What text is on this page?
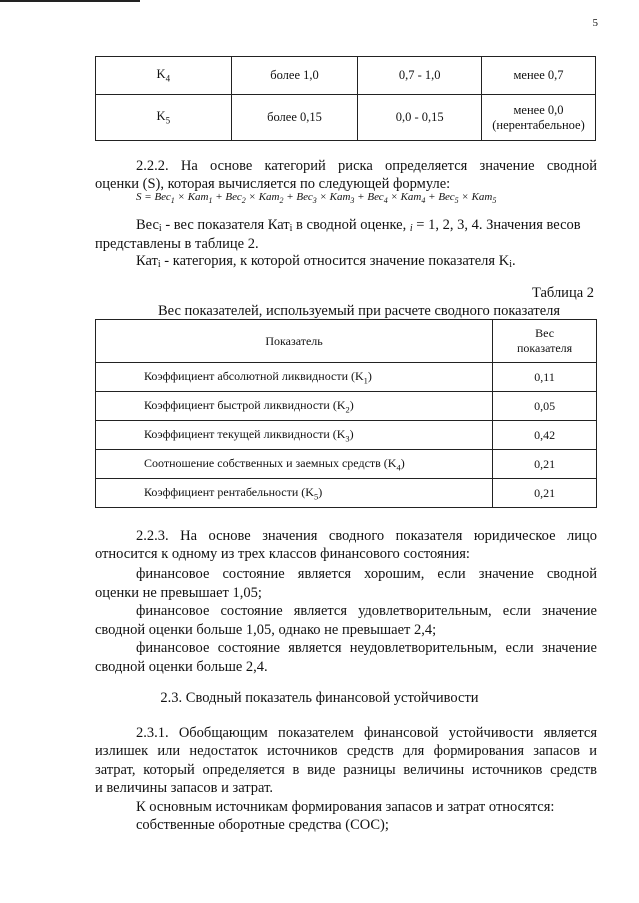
5
$K_4$	более 1,0	0,7 - 1,0	менее 0,7
$K_5$	более 0,15	0,0 - 0,15	менее 0,0
(нерентабельное)
2.2.2. На основе категорий риска определяется значение сводной
оценки (S), которая вычисляется по следующей формуле:
S = Вес$_1$ × Кат$_1$ + Вес$_2$ × Кат$_2$ + Вес$_3$ × Кат$_3$ + Вес$_4$ × Кат$_4$ + Вес$_5$ × Кат$_5$
Весi - вес показателя Катi в сводной оценке, i = 1, 2, 3, 4. Значения весов
представлены в таблице 2.
Катi - категория, к которой относится значение показателя Ki.
Таблица 2
Вес показателей, используемый при расчете сводного показателя
Показатель	Вес
показателя

Коэффициент абсолютной ликвидности $(K_1)$	0,11
Коэффициент быстрой ликвидности $(K_2)$	0,05
Коэффициент текущей ликвидности $(K_3)$	0,42
Соотношение собственных и заемных средств $(K_4)$	0,21
Коэффициент рентабельности $(K_5)$	0,21
2.2.3. На основе значения сводного показателя юридическое лицо
относится к одному из трех классов финансового состояния:
финансовое состояние является хорошим, если значение сводной
оценки не превышает 1,05;
финансовое состояние является удовлетворительным, если значение
сводной оценки больше 1,05, однако не превышает 2,4;
финансовое состояние является неудовлетворительным, если значение
сводной оценки больше 2,4.
2.3. Сводный показатель финансовой устойчивости
2.3.1. Обобщающим показателем финансовой устойчивости является
излишек или недостаток источников средств для формирования запасов и
затрат, который определяется в виде разницы величины источников средств
и величины запасов и затрат.
К основным источникам формирования запасов и затрат относятся:
собственные оборотные средства (СОС);
